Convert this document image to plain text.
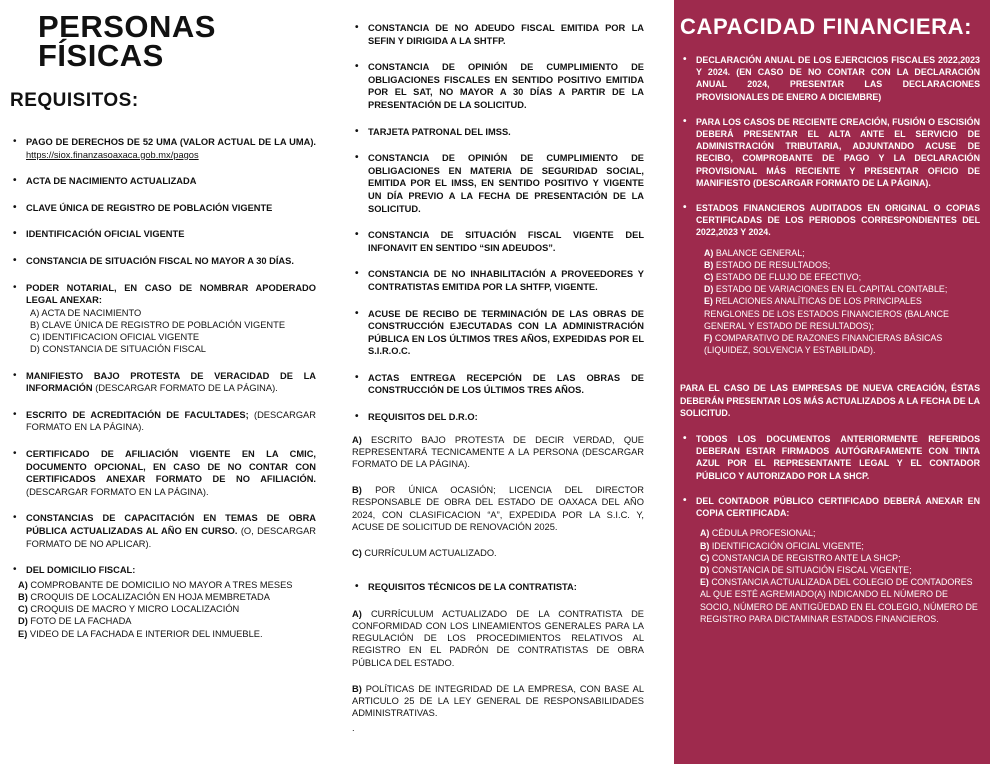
PERSONAS
FÍSICAS
REQUISITOS:
• PAGO DE DERECHOS DE 52 UMA (VALOR ACTUAL DE LA UMA). https://siox.finanzasoaxaca.gob.mx/pagos
• ACTA DE NACIMIENTO ACTUALIZADA
• CLAVE ÚNICA DE REGISTRO DE POBLACIÓN VIGENTE
• IDENTIFICACIÓN OFICIAL VIGENTE
• CONSTANCIA DE SITUACIÓN FISCAL NO MAYOR A 30 DÍAS.
• PODER NOTARIAL, EN CASO DE NOMBRAR APODERADO LEGAL ANEXAR:
A) ACTA DE NACIMIENTO
B) CLAVE ÚNICA DE REGISTRO DE POBLACIÓN VIGENTE
C) IDENTIFICACION OFICIAL VIGENTE
D) CONSTANCIA DE SITUACIÓN FISCAL
• MANIFIESTO BAJO PROTESTA DE VERACIDAD DE LA INFORMACIÓN (DESCARGAR FORMATO DE LA PÁGINA).
• ESCRITO DE ACREDITACIÓN DE FACULTADES; (DESCARGAR FORMATO EN LA PÁGINA).
• CERTIFICADO DE AFILIACIÓN VIGENTE EN LA CMIC, DOCUMENTO OPCIONAL, EN CASO DE NO CONTAR CON CERTIFICADOS ANEXAR FORMATO DE NO AFILIACIÓN. (DESCARGAR FORMATO EN LA PÁGINA).
• CONSTANCIAS DE CAPACITACIÓN EN TEMAS DE OBRA PÚBLICA ACTUALIZADAS AL AÑO EN CURSO. (O, DESCARGAR FORMATO DE NO APLICAR).
• DEL DOMICILIO FISCAL:
A) COMPROBANTE DE DOMICILIO NO MAYOR A TRES MESES
B) CROQUIS DE LOCALIZACIÓN EN HOJA MEMBRETADA
C) CROQUIS DE MACRO Y MICRO LOCALIZACIÓN
D) FOTO DE LA FACHADA
E) VIDEO DE LA FACHADA E INTERIOR DEL INMUEBLE.
• CONSTANCIA DE NO ADEUDO FISCAL EMITIDA POR LA SEFIN Y DIRIGIDA A LA SHTFP.
• CONSTANCIA DE OPINIÓN DE CUMPLIMIENTO DE OBLIGACIONES FISCALES EN SENTIDO POSITIVO EMITIDA POR EL SAT, NO MAYOR A 30 DÍAS A PARTIR DE LA PRESENTACIÓN DE LA SOLICITUD.
• TARJETA PATRONAL DEL IMSS.
• CONSTANCIA DE OPINIÓN DE CUMPLIMIENTO DE OBLIGACIONES EN MATERIA DE SEGURIDAD SOCIAL, EMITIDA POR EL IMSS, EN SENTIDO POSITIVO Y VIGENTE UN DÍA PREVIO A LA FECHA DE PRESENTACIÓN DE LA SOLICITUD.
• CONSTANCIA DE SITUACIÓN FISCAL VIGENTE DEL INFONAVIT EN SENTIDO “SIN ADEUDOS”.
• CONSTANCIA DE NO INHABILITACIÓN A PROVEEDORES Y CONTRATISTAS EMITIDA POR LA SHTFP, VIGENTE.
• ACUSE DE RECIBO DE TERMINACIÓN DE LAS OBRAS DE CONSTRUCCIÓN EJECUTADAS CON LA ADMINISTRACIÓN PÚBLICA EN LOS ÚLTIMOS TRES AÑOS, EXPEDIDAS POR EL S.I.R.O.C.
• ACTAS ENTREGA RECEPCIÓN DE LAS OBRAS DE CONSTRUCCIÓN DE LOS ÚLTIMOS TRES AÑOS.
• REQUISITOS DEL D.R.O:
A) ESCRITO BAJO PROTESTA DE DECIR VERDAD, QUE REPRESENTARÁ TECNICAMENTE A LA PERSONA (DESCARGAR FORMATO DE LA PÁGINA).
B) POR ÚNICA OCASIÓN; LICENCIA DEL DIRECTOR RESPONSABLE DE OBRA DEL ESTADO DE OAXACA DEL AÑO 2024, CON CLASIFICACION “A”, EXPEDIDA POR LA S.I.C. Y, ACUSE DE SOLICITUD DE RENOVACIÓN 2025.
C) CURRÍCULUM ACTUALIZADO.
• REQUISITOS TÉCNICOS DE LA CONTRATISTA:
A) CURRÍCULUM ACTUALIZADO DE LA CONTRATISTA DE CONFORMIDAD CON LOS LINEAMIENTOS GENERALES PARA LA REGULACIÓN DE LOS PROCEDIMIENTOS RELATIVOS AL REGISTRO EN EL PADRÓN DE CONTRATISTAS DE OBRA PÚBLICA DEL ESTADO.
B) POLÍTICAS DE INTEGRIDAD DE LA EMPRESA, CON BASE AL ARTICULO 25 DE LA LEY GENERAL DE RESPONSABILIDADES ADMINISTRATIVAS.
.
CAPACIDAD FINANCIERA:
• DECLARACIÓN ANUAL DE LOS EJERCICIOS FISCALES 2022,2023 Y 2024. (EN CASO DE NO CONTAR CON LA DECLARACIÓN ANUAL 2024, PRESENTAR LAS DECLARACIONES PROVISIONALES DE ENERO A DICIEMBRE)
• PARA LOS CASOS DE RECIENTE CREACIÓN, FUSIÓN O ESCISIÓN DEBERÁ PRESENTAR EL ALTA ANTE EL SERVICIO DE ADMINISTRACIÓN TRIBUTARIA, ADJUNTANDO ACUSE DE RECIBO, COMPROBANTE DE PAGO Y LA DECLARACIÓN PROVISIONAL MÁS RECIENTE Y PRESENTAR OFICIO DE MANIFIESTO (DESCARGAR FORMATO DE LA PÁGINA).
• ESTADOS FINANCIEROS AUDITADOS EN ORIGINAL O COPIAS CERTIFICADAS DE LOS PERIODOS CORRESPONDIENTES DEL 2022,2023 Y 2024.
A) BALANCE GENERAL;
B) ESTADO DE RESULTADOS;
C) ESTADO DE FLUJO DE EFECTIVO;
D) ESTADO DE VARIACIONES EN EL CAPITAL CONTABLE;
E) RELACIONES ANALÍTICAS DE LOS PRINCIPALES RENGLONES DE LOS ESTADOS FINANCIEROS (BALANCE GENERAL Y ESTADO DE RESULTADOS);
F) COMPARATIVO DE RAZONES FINANCIERAS BÁSICAS (LIQUIDEZ, SOLVENCIA Y ESTABILIDAD).
PARA EL CASO DE LAS EMPRESAS DE NUEVA CREACIÓN, ÉSTAS DEBERÁN PRESENTAR LOS MÁS ACTUALIZADOS A LA FECHA DE LA SOLICITUD.
• TODOS LOS DOCUMENTOS ANTERIORMENTE REFERIDOS DEBERAN ESTAR FIRMADOS AUTÓGRAFAMENTE CON TINTA AZUL POR EL REPRESENTANTE LEGAL Y EL CONTADOR PÚBLICO Y AUTORIZADO POR LA SHCP.
• DEL CONTADOR PÚBLICO CERTIFICADO DEBERÁ ANEXAR EN COPIA CERTIFICADA:
A) CÉDULA PROFESIONAL;
B) IDENTIFICACIÓN OFICIAL VIGENTE;
C) CONSTANCIA DE REGISTRO ANTE LA SHCP;
D) CONSTANCIA DE SITUACIÓN FISCAL VIGENTE;
E) CONSTANCIA ACTUALIZADA DEL COLEGIO DE CONTADORES AL QUE ESTÉ AGREMIADO(A) INDICANDO EL NÚMERO DE SOCIO, NÚMERO DE ANTIGÜEDAD EN EL COLEGIO, NÚMERO DE REGISTRO PARA DICTAMINAR ESTADOS FINANCIEROS.
